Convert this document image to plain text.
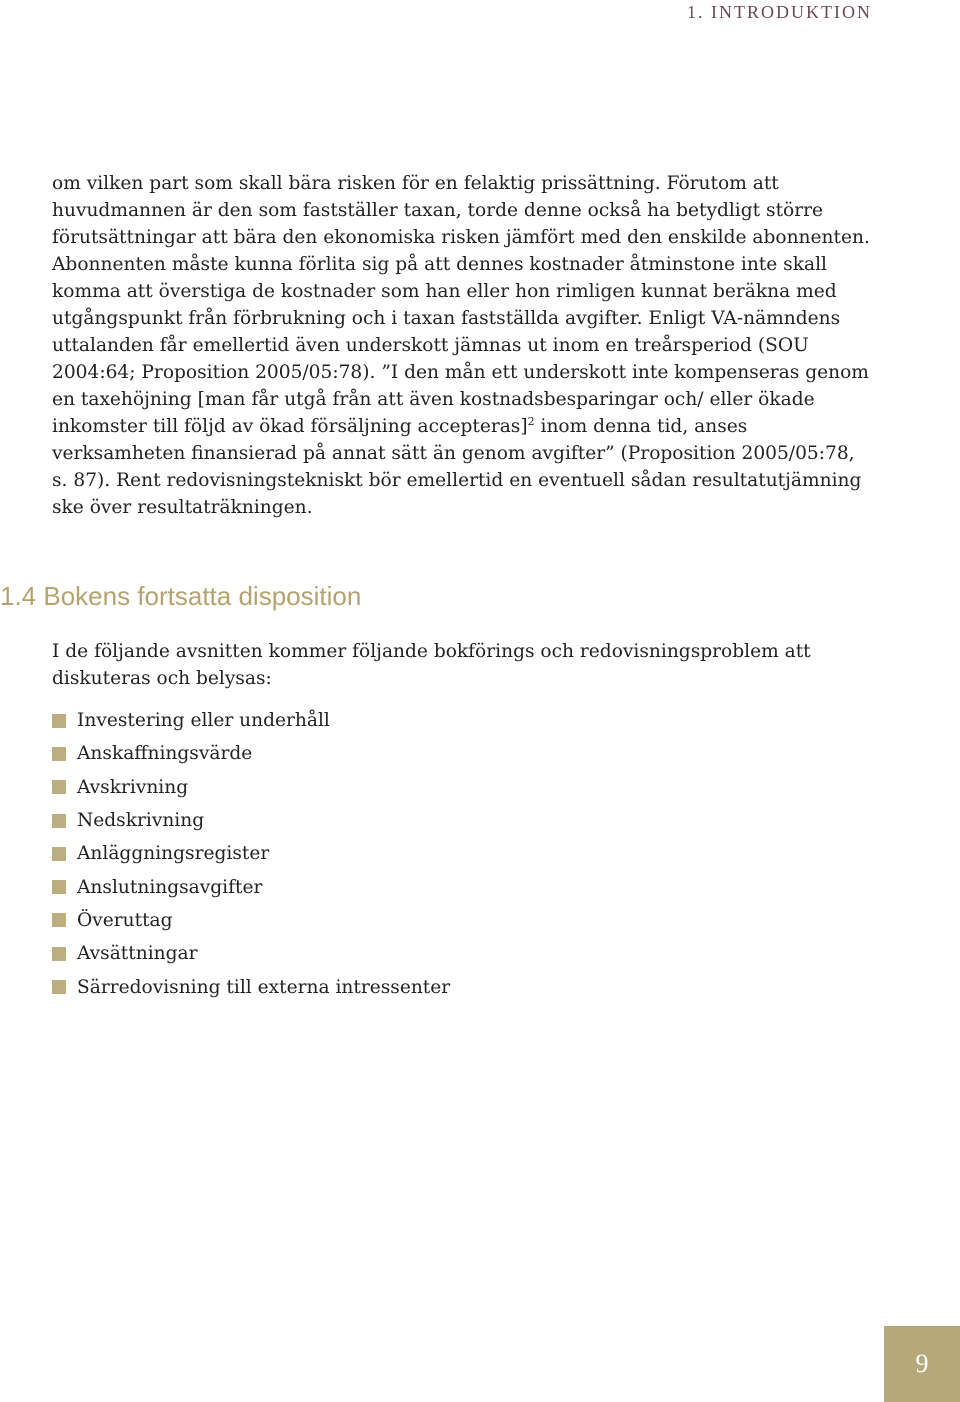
1. INTRODUKTION

om vilken part som skall bära risken för en felaktig prissättning. Förutom att huvudmannen är den som fastställer taxan, torde denne också ha betydligt större förutsättningar att bära den ekonomiska risken jämfört med den enskilde abonnenten. Abonnenten måste kunna förlita sig på att dennes kostnader åtminstone inte skall komma att överstiga de kostnader som han eller hon rimligen kunnat beräkna med utgångspunkt från förbrukning och i taxan fastställda avgifter. Enligt VA-nämndens uttalanden får emellertid även underskott jämnas ut inom en treårsperiod (SOU 2004:64; Proposition 2005/05:78). ”I den mån ett underskott inte kompenseras genom en taxehöjning [man får utgå från att även kostnadsbesparingar och/ eller ökade inkomster till följd av ökad försäljning accepteras]$^2$ inom denna tid, anses verksamheten finansierad på annat sätt än genom avgifter” (Proposition 2005/05:78, s. 87). Rent redovisningstekniskt bör emellertid en eventuell sådan resultatutjämning ske över resultaträkningen.

1.4 Bokens fortsatta disposition

I de följande avsnitten kommer följande bokförings och redovisningsproblem att diskuteras och belysas:

Investering eller underhåll
Anskaffningsvärde
Avskrivning
Nedskrivning
Anläggningsregister
Anslutningsavgifter
Överuttag
Avsättningar
Särredovisning till externa intressenter
9
